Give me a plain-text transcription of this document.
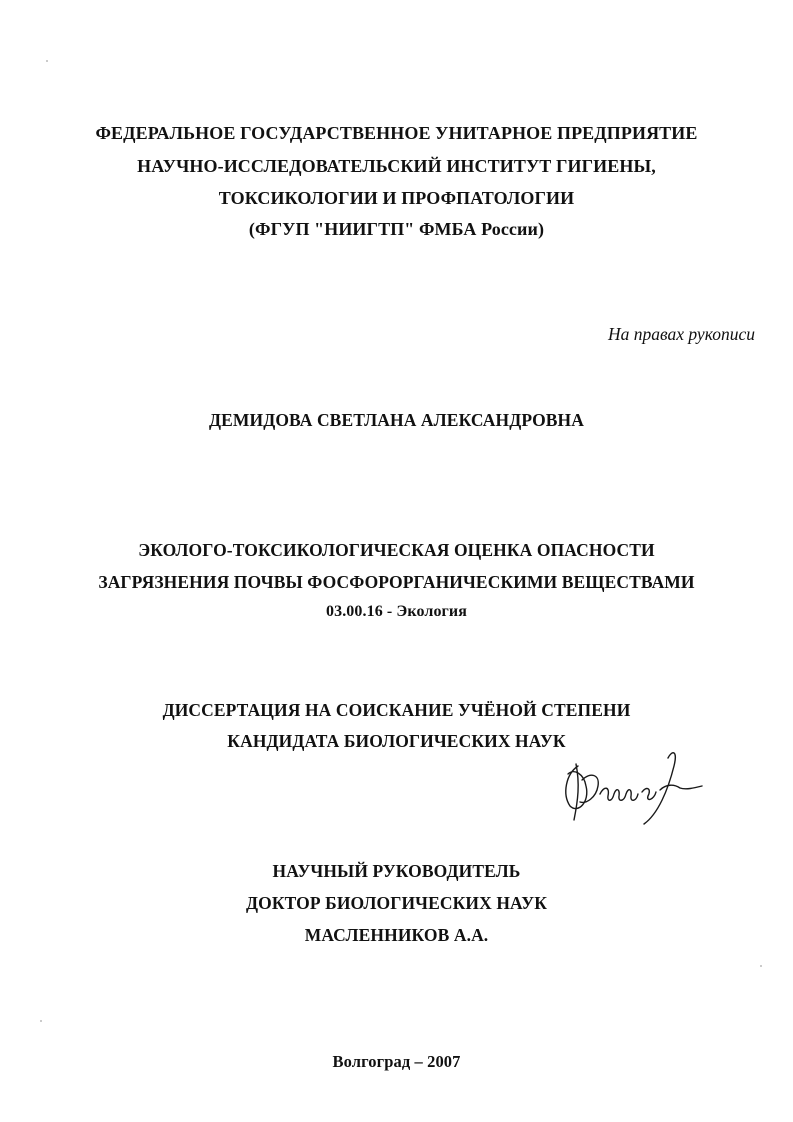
ФЕДЕРАЛЬНОЕ ГОСУДАРСТВЕННОЕ УНИТАРНОЕ ПРЕДПРИЯТИЕ
НАУЧНО-ИССЛЕДОВАТЕЛЬСКИЙ ИНСТИТУТ ГИГИЕНЫ,
ТОКСИКОЛОГИИ И ПРОФПАТОЛОГИИ
(ФГУП "НИИГТП" ФМБА России)
На правах рукописи
ДЕМИДОВА СВЕТЛАНА АЛЕКСАНДРОВНА
ЭКОЛОГО-ТОКСИКОЛОГИЧЕСКАЯ ОЦЕНКА ОПАСНОСТИ
ЗАГРЯЗНЕНИЯ ПОЧВЫ ФОСФОРОРГАНИЧЕСКИМИ ВЕЩЕСТВАМИ
03.00.16 - Экология
ДИССЕРТАЦИЯ НА СОИСКАНИЕ УЧЁНОЙ СТЕПЕНИ
КАНДИДАТА БИОЛОГИЧЕСКИХ НАУК
НАУЧНЫЙ РУКОВОДИТЕЛЬ
ДОКТОР БИОЛОГИЧЕСКИХ НАУК
МАСЛЕННИКОВ А.А.
Волгоград – 2007
